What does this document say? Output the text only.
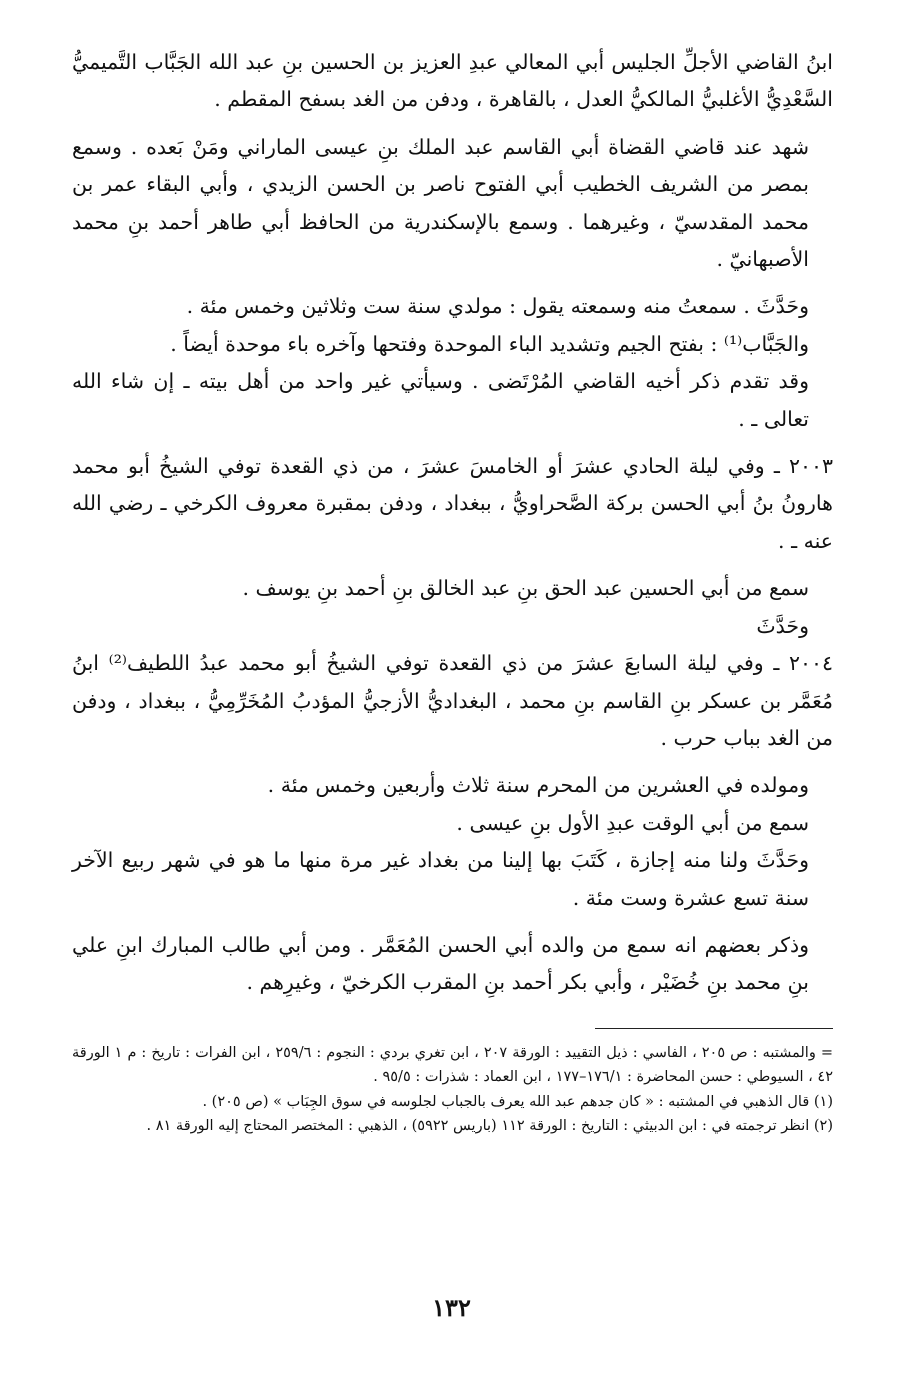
ابنُ القاضي الأجلِّ الجليس أبي المعالي عبدِ العزيز بن الحسين بنِ عبد الله الجَبَّاب التَّميميُّ السَّعْدِيُّ الأغلبيُّ المالكيُّ العدل ، بالقاهرة ، ودفن من الغد بسفح المقطم .

شهد عند قاضي القضاة أبي القاسم عبد الملك بنِ عيسى الماراني ومَنْ بَعده . وسمع بمصر من الشريف الخطيب أبي الفتوح ناصر بن الحسن الزيدي ، وأبي البقاء عمر بن محمد المقدسيّ ، وغيرهما . وسمع بالإسكندرية من الحافظ أبي طاهر أحمد بنِ محمد الأصبهانيّ .

وحَدَّثَ . سمعتُ منه وسمعته يقول : مولدي سنة ست وثلاثين وخمس مئة .

والجَبَّاب⁽¹⁾ : بفتح الجيم وتشديد الباء الموحدة وفتحها وآخره باء موحدة أيضاً .

وقد تقدم ذكر أخيه القاضي المُرْتَضى . وسيأتي غير واحد من أهل بيته ـ إن شاء الله تعالى ـ .

٢٠٠٣ ـ وفي ليلة الحادي عشرَ أو الخامسَ عشرَ ، من ذي القعدة توفي الشيخُ أبو محمد هارونُ بنُ أبي الحسن بركة الصَّحراويُّ ، ببغداد ، ودفن بمقبرة معروف الكرخي ـ رضي الله عنه ـ .

سمع من أبي الحسين عبد الحق بنِ عبد الخالق بنِ أحمد بنِ يوسف .

وحَدَّثَ

٢٠٠٤ ـ وفي ليلة السابعَ عشرَ من ذي القعدة توفي الشيخُ أبو محمد عبدُ اللطيف⁽²⁾ ابنُ مُعَمَّر بن عسكر بنِ القاسم بنِ محمد ، البغداديُّ الأزجيُّ المؤدبُ المُخَرِّمِيُّ ، ببغداد ، ودفن من الغد بباب حرب .

ومولده في العشرين من المحرم سنة ثلاث وأربعين وخمس مئة .

سمع من أبي الوقت عبدِ الأول بنِ عيسى .

وحَدَّثَ ولنا منه إجازة ، كَتَبَ بها إلينا من بغداد غير مرة منها ما هو في شهر ربيع الآخر سنة تسع عشرة وست مئة .

وذكر بعضهم انه سمع من والده أبي الحسن المُعَمَّر . ومن أبي طالب المبارك ابنِ علي بنِ محمد بنِ خُضَيْر ، وأبي بكر أحمد بنِ المقرب الكرخيّ ، وغيرِهم .

= والمشتبه : ص ٢٠٥ ، الفاسي : ذيل التقييد : الورقة ٢٠٧ ، ابن تغري بردي : النجوم : ٢٥٩/٦ ، ابن الفرات : تاريخ : م ١ الورقة ٤٢ ، السيوطي : حسن المحاضرة : ١٧٦/١–١٧٧ ، ابن العماد : شذرات : ٩٥/٥ .

(١) قال الذهبي في المشتبه : « كان جدهم عبد الله يعرف بالجباب لجلوسه في سوق الجِبَاب » (ص ٢٠٥) .

(٢) انظر ترجمته في : ابن الدبيثي : التاريخ : الورقة ١١٢ (باريس ٥٩٢٢) ، الذهبي : المختصر المحتاج إليه الورقة ٨١ .

١٣٢
